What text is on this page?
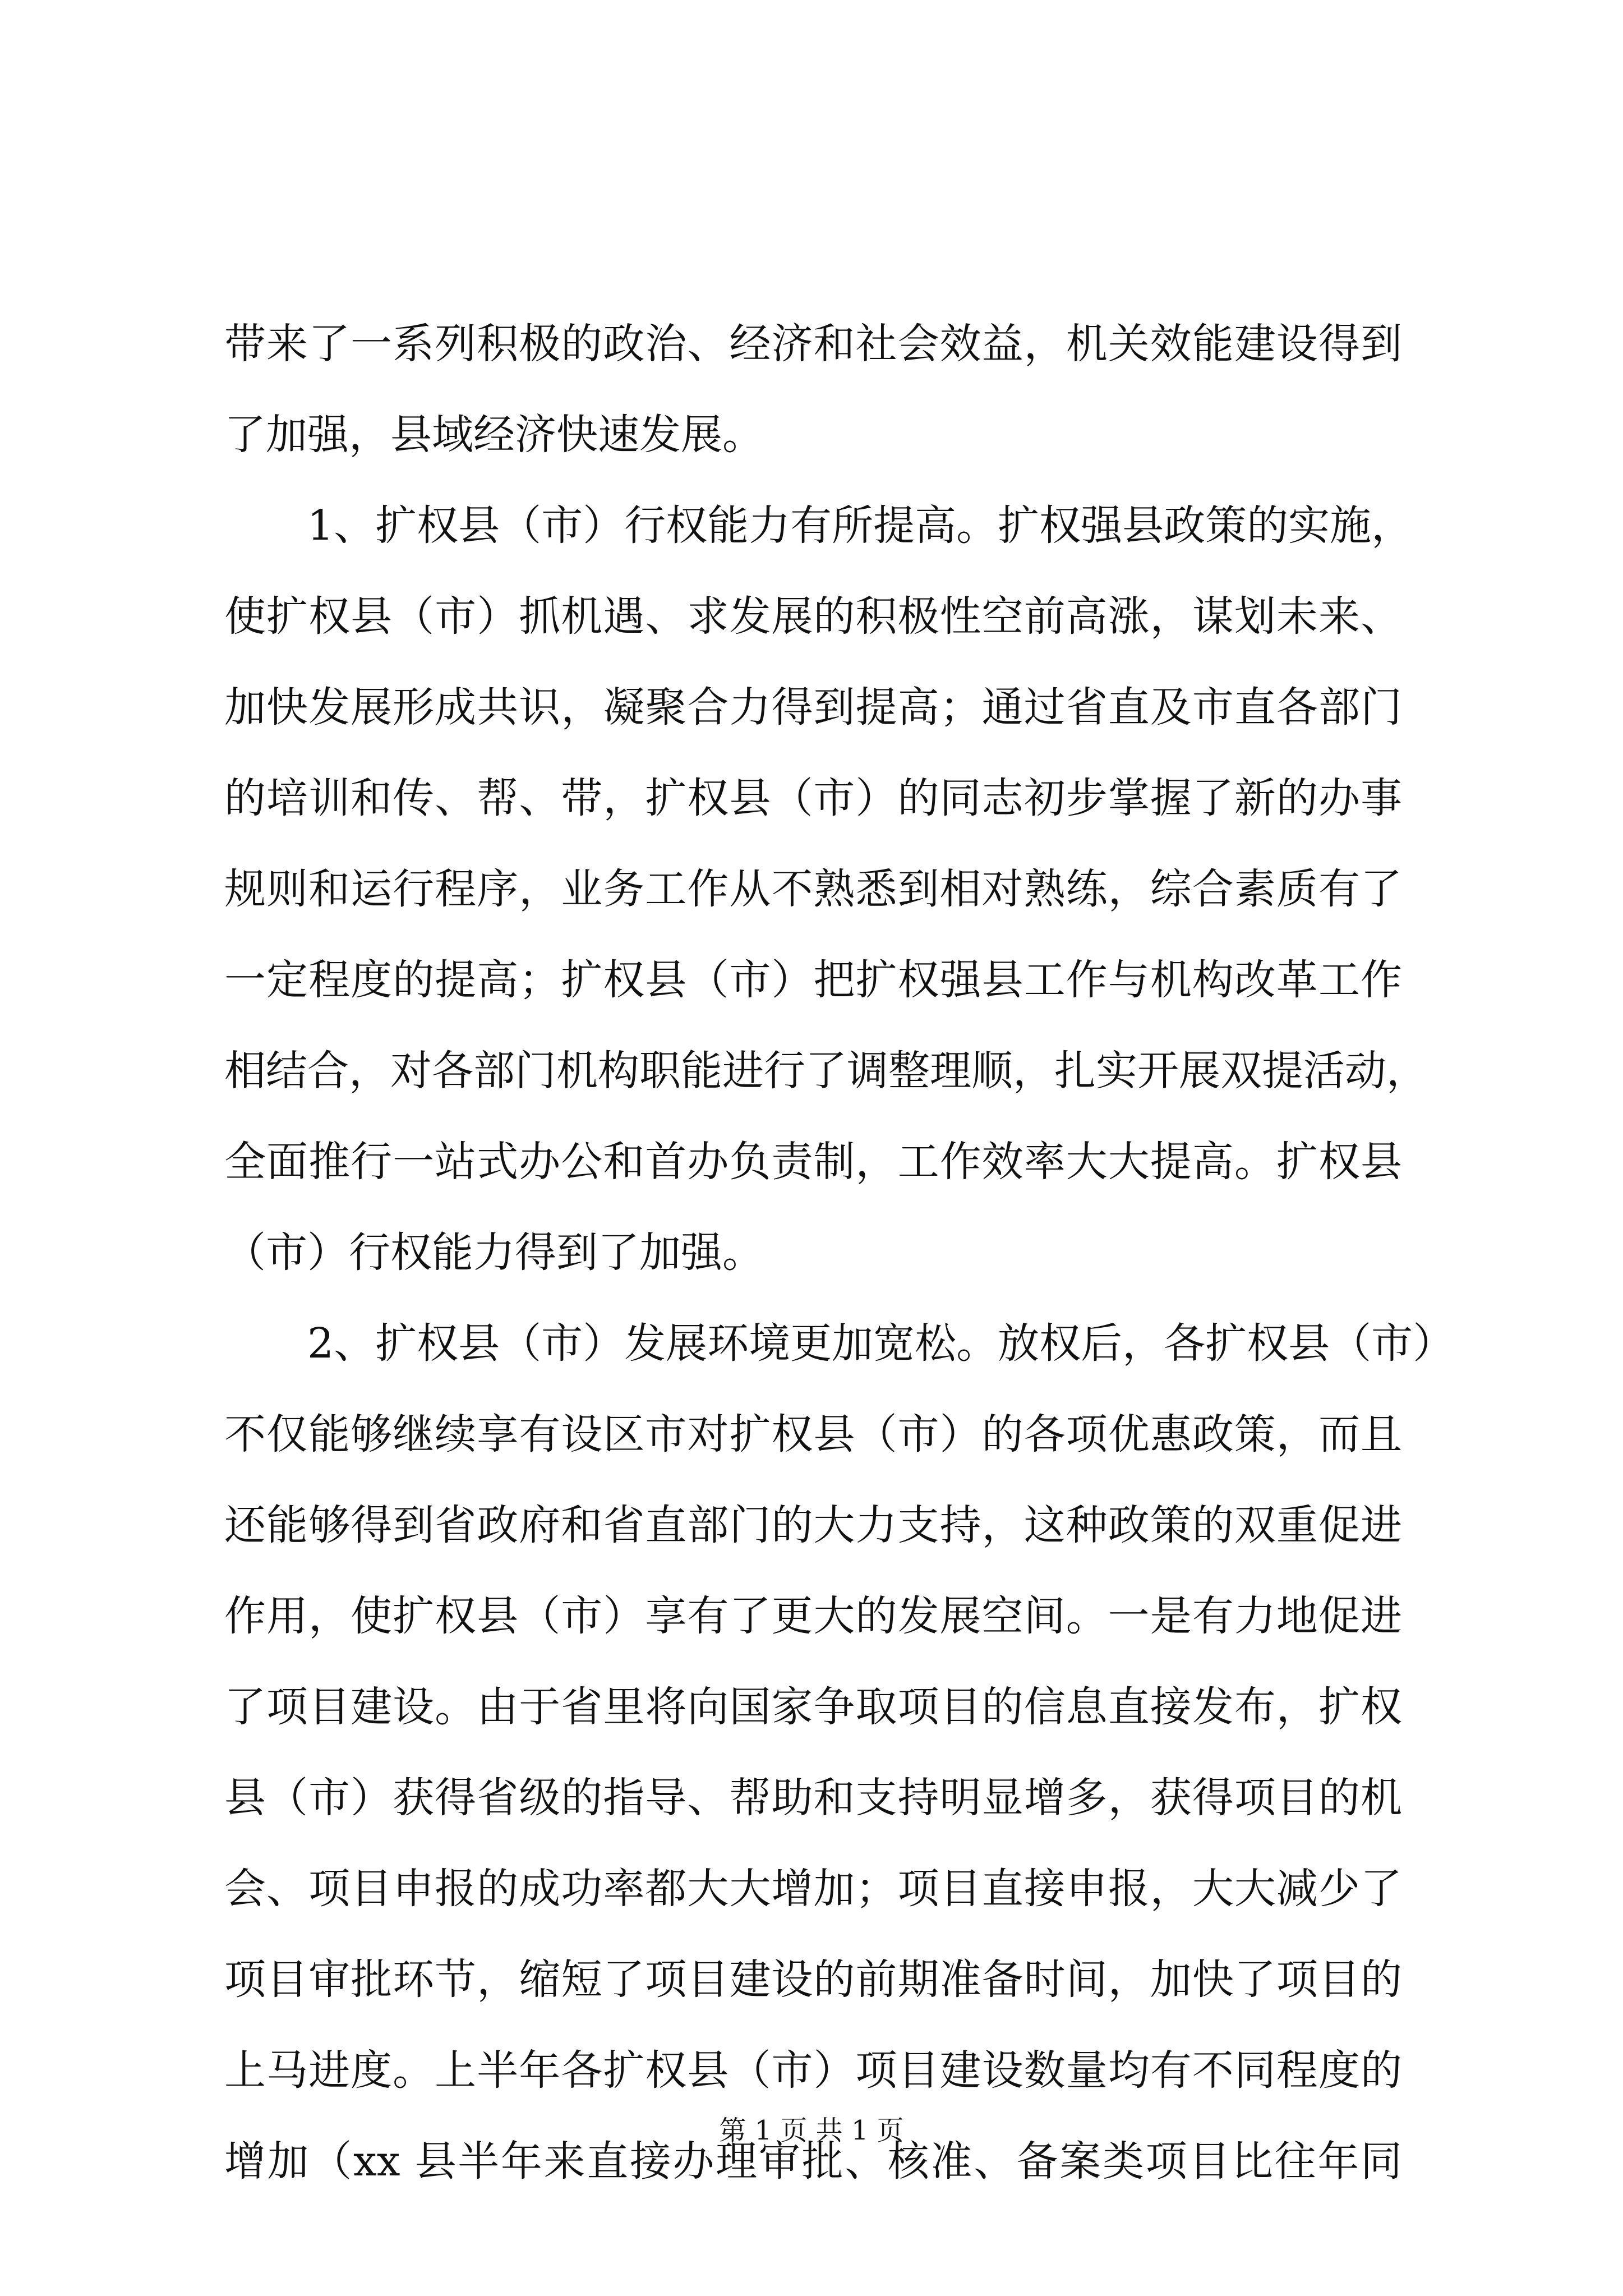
带来了一系列积极的政治、经济和社会效益，机关效能建设得到
了加强，县域经济快速发展。
1、扩权县（市）行权能力有所提高。扩权强县政策的实施，
使扩权县（市）抓机遇、求发展的积极性空前高涨，谋划未来、
加快发展形成共识，凝聚合力得到提高；通过省直及市直各部门
的培训和传、帮、带，扩权县（市）的同志初步掌握了新的办事
规则和运行程序，业务工作从不熟悉到相对熟练，综合素质有了
一定程度的提高；扩权县（市）把扩权强县工作与机构改革工作
相结合，对各部门机构职能进行了调整理顺，扎实开展双提活动，
全面推行一站式办公和首办负责制，工作效率大大提高。扩权县
（市）行权能力得到了加强。
2、扩权县（市）发展环境更加宽松。放权后，各扩权县（市）
不仅能够继续享有设区市对扩权县（市）的各项优惠政策，而且
还能够得到省政府和省直部门的大力支持，这种政策的双重促进
作用，使扩权县（市）享有了更大的发展空间。一是有力地促进
了项目建设。由于省里将向国家争取项目的信息直接发布，扩权
县（市）获得省级的指导、帮助和支持明显增多，获得项目的机
会、项目申报的成功率都大大增加；项目直接申报，大大减少了
项目审批环节，缩短了项目建设的前期准备时间，加快了项目的
上马进度。上半年各扩权县（市）项目建设数量均有不同程度的
增加（xx 县半年来直接办理审批、核准、备案类项目比往年同
第 1 页 共 1 页
